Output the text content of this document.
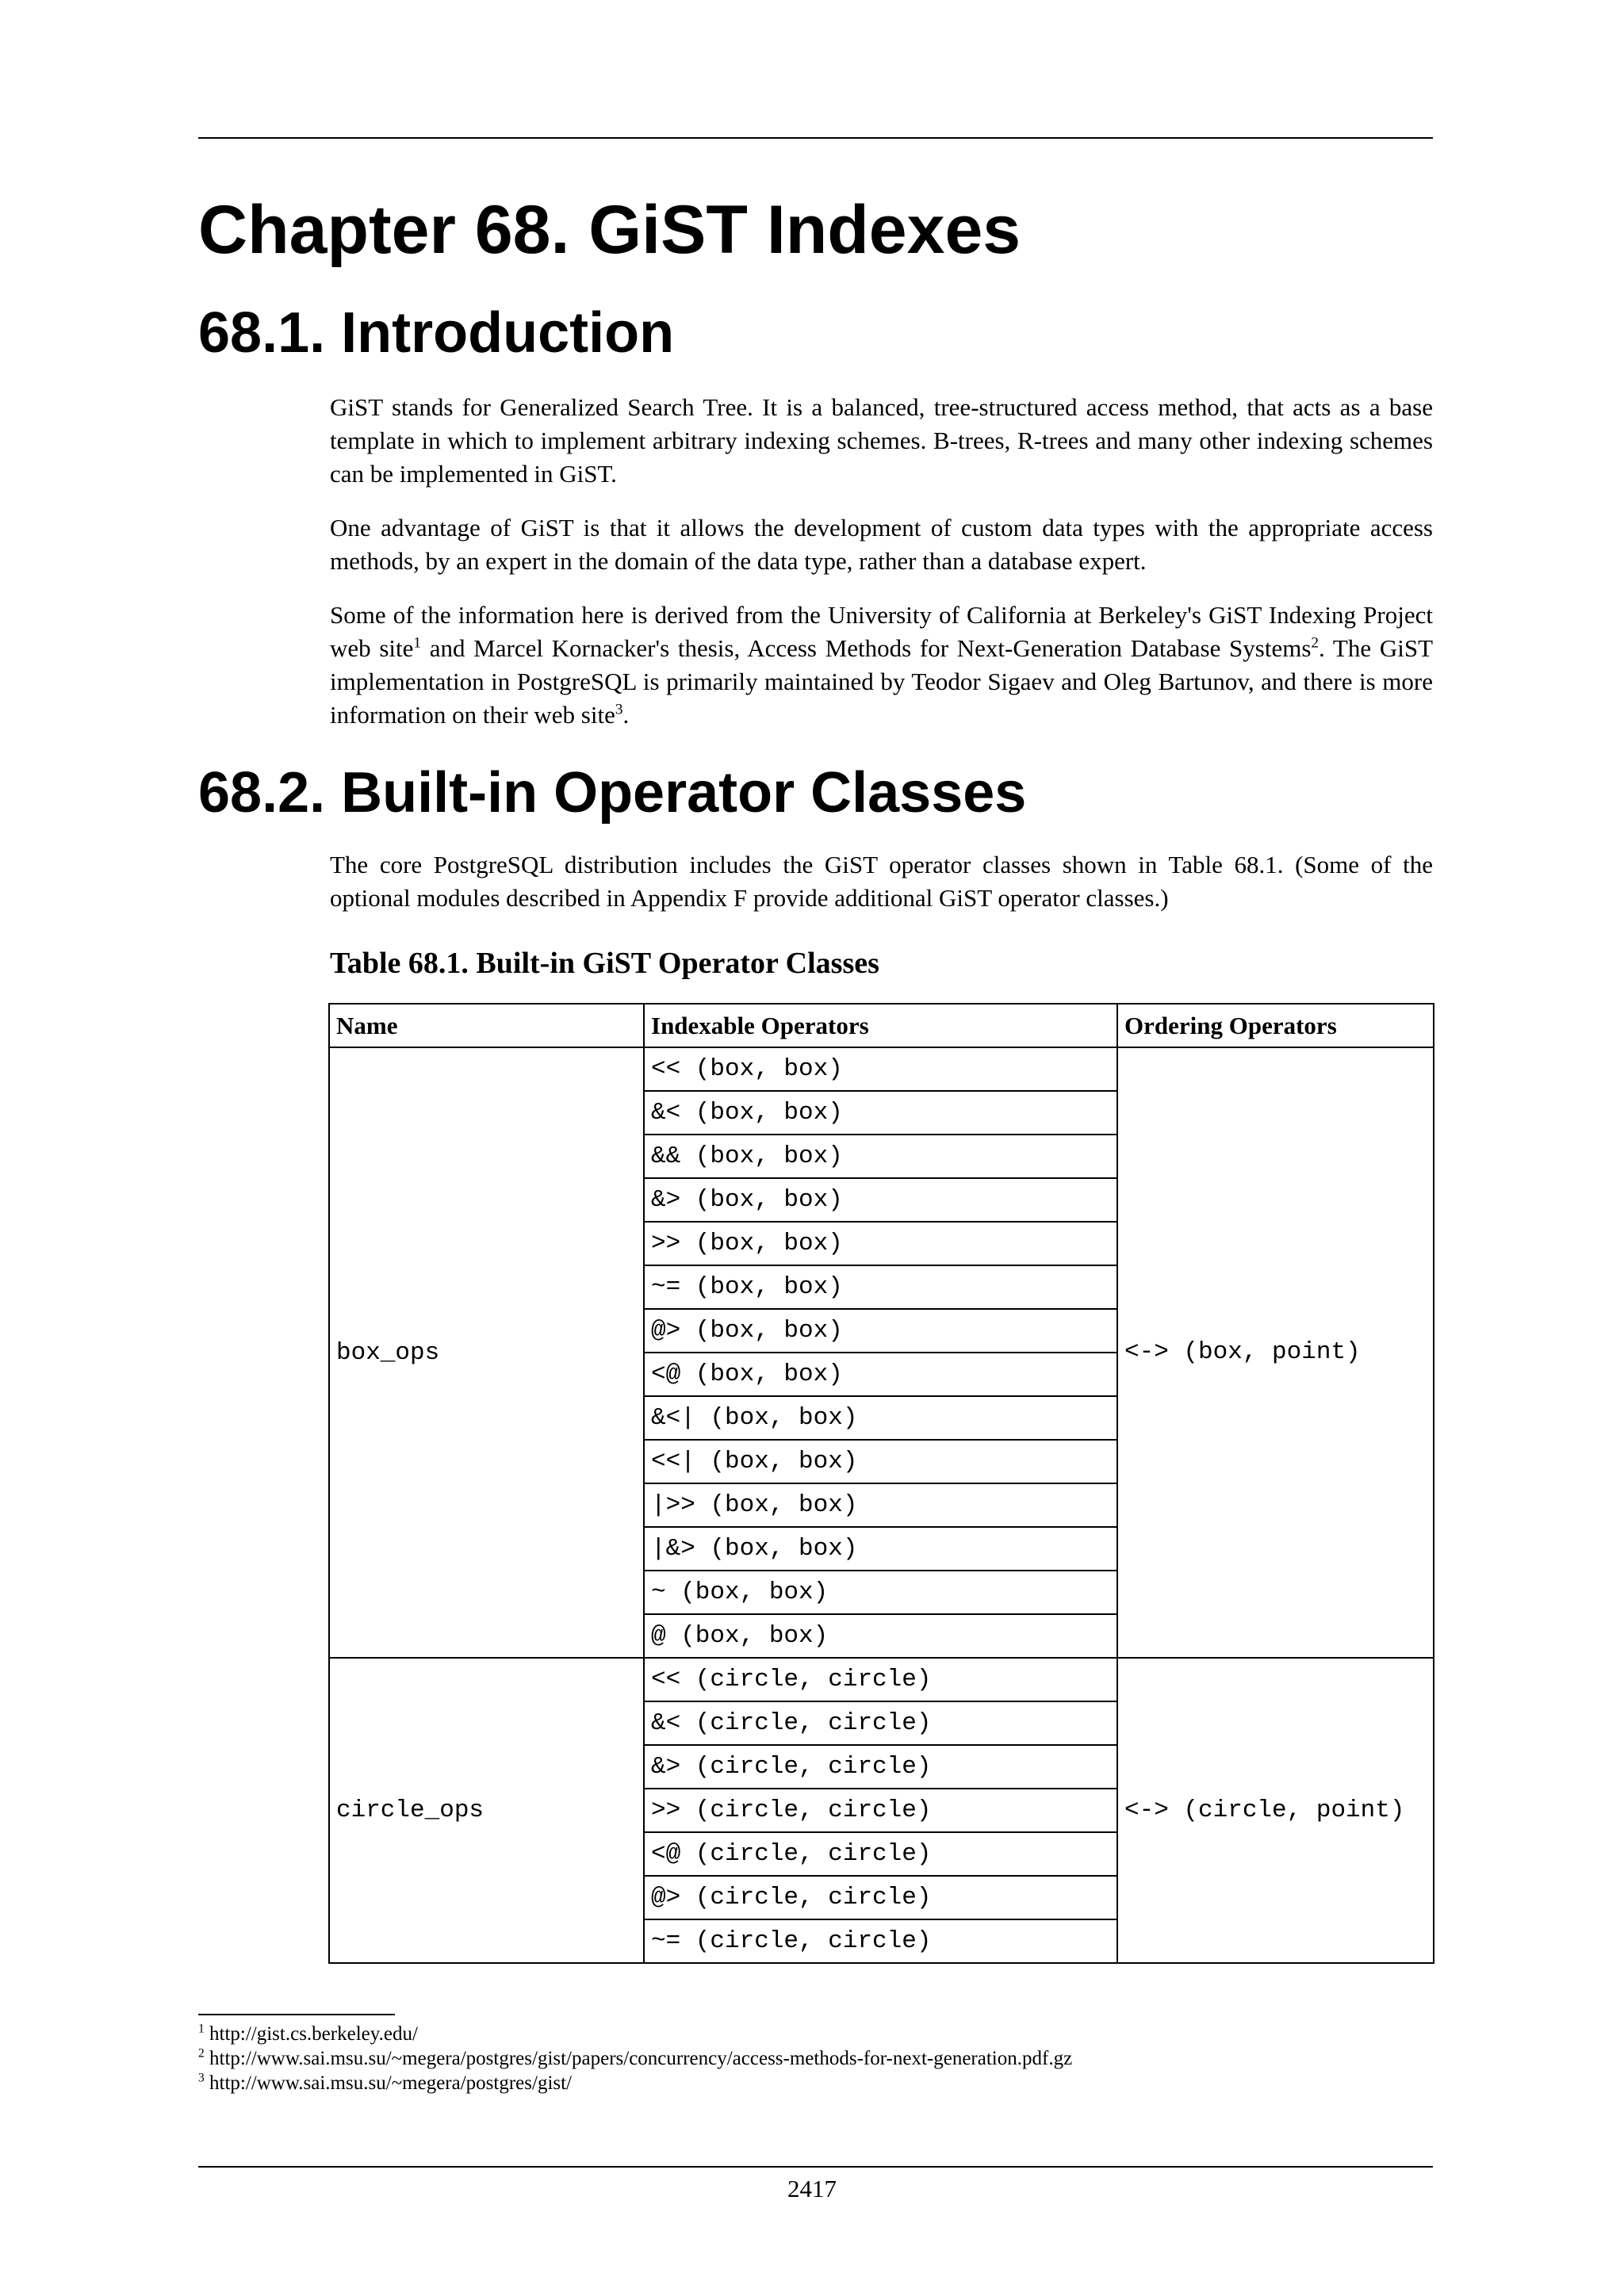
Chapter 68. GiST Indexes
68.1. Introduction

GiST stands for Generalized Search Tree. It is a balanced, tree-structured access method, that acts as a base template in which to implement arbitrary indexing schemes. B-trees, R-trees and many other indexing schemes can be implemented in GiST.

One advantage of GiST is that it allows the development of custom data types with the appropriate access methods, by an expert in the domain of the data type, rather than a database expert.

Some of the information here is derived from the University of California at Berkeley's GiST Indexing Project web site$^1$ and Marcel Kornacker's thesis, Access Methods for Next-Generation Database Systems$^2$. The GiST implementation in PostgreSQL is primarily maintained by Teodor Sigaev and Oleg Bartunov, and there is more information on their web site$^3$.

68.2. Built-in Operator Classes

The core PostgreSQL distribution includes the GiST operator classes shown in Table 68.1. (Some of the optional modules described in Appendix F provide additional GiST operator classes.)

Table 68.1. Built-in GiST Operator Classes
Name	Indexable Operators	Ordering Operators
box_ops	<< (box, box)	<-> (box, point)
	&< (box, box)	
	&& (box, box)	
	&> (box, box)	
	>> (box, box)	
	~= (box, box)	
	@> (box, box)	
	<@ (box, box)	
	&<| (box, box)	
	<<| (box, box)	
	|>> (box, box)	
	|&> (box, box)	
	~ (box, box)	
	@ (box, box)	
circle_ops	<< (circle, circle)	<-> (circle, point)
	&< (circle, circle)	
	&> (circle, circle)	
	>> (circle, circle)	
	<@ (circle, circle)	
	@> (circle, circle)	
	~= (circle, circle)	
$^1$ http://gist.cs.berkeley.edu/
$^2$ http://www.sai.msu.su/~megera/postgres/gist/papers/concurrency/access-methods-for-next-generation.pdf.gz
$^3$ http://www.sai.msu.su/~megera/postgres/gist/
2417
